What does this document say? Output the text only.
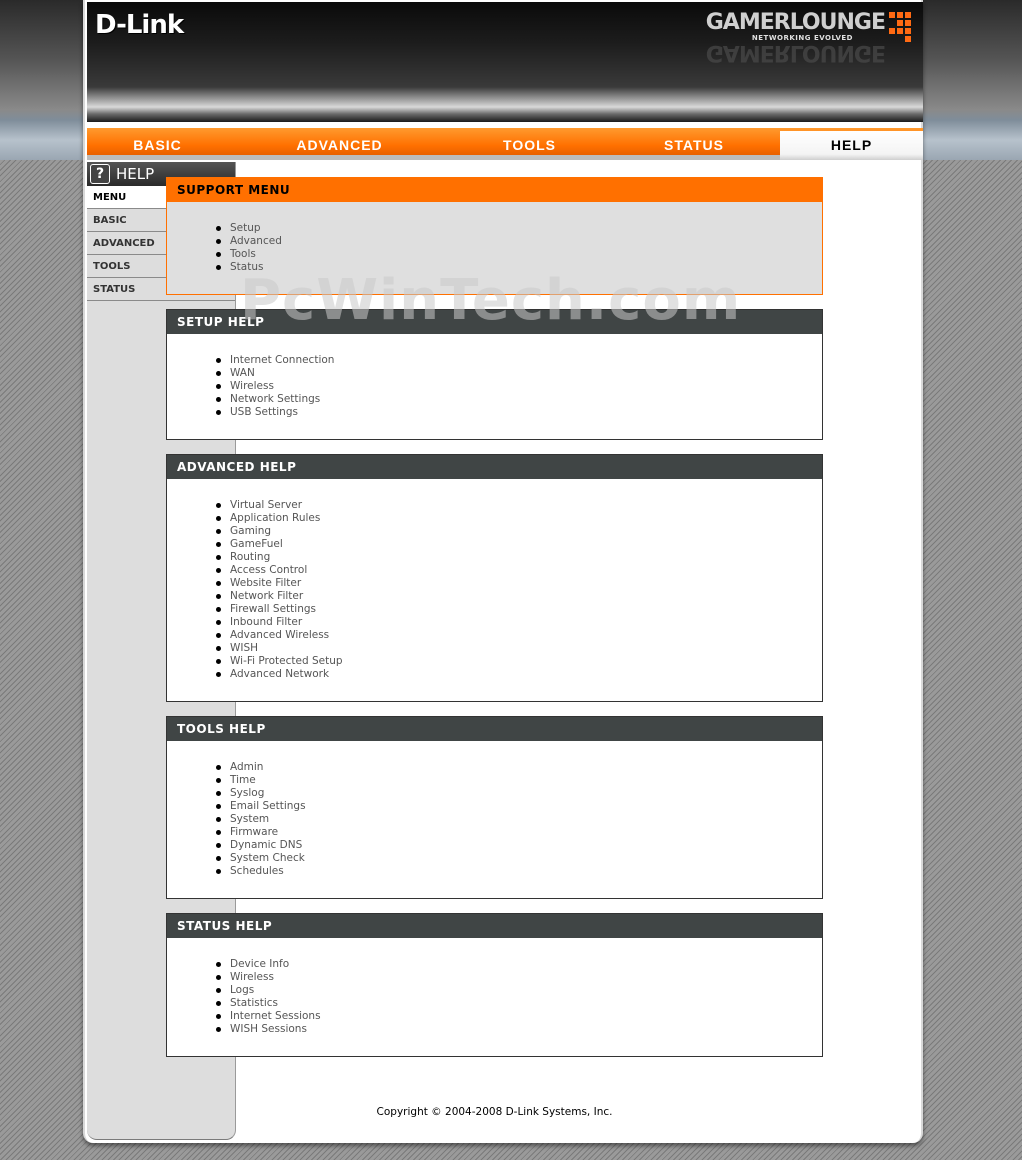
D-Link	GAMERLOUNGE
NETWORKING EVOLVED
GAMERLOUNGE
BASIC	ADVANCED	TOOLS	STATUS	HELP
? HELP
MENU
BASIC
ADVANCED
TOOLS
STATUS
SUPPORT MENU
Setup
Advanced
Tools
Status
SETUP HELP
Internet Connection
WAN
Wireless
Network Settings
USB Settings
ADVANCED HELP
Virtual Server
Application Rules
Gaming
GameFuel
Routing
Access Control
Website Filter
Network Filter
Firewall Settings
Inbound Filter
Advanced Wireless
WISH
Wi-Fi Protected Setup
Advanced Network
TOOLS HELP
Admin
Time
Syslog
Email Settings
System
Firmware
Dynamic DNS
System Check
Schedules
STATUS HELP
Device Info
Wireless
Logs
Statistics
Internet Sessions
WISH Sessions
Copyright © 2004-2008 D-Link Systems, Inc.
PcWinTech.com
